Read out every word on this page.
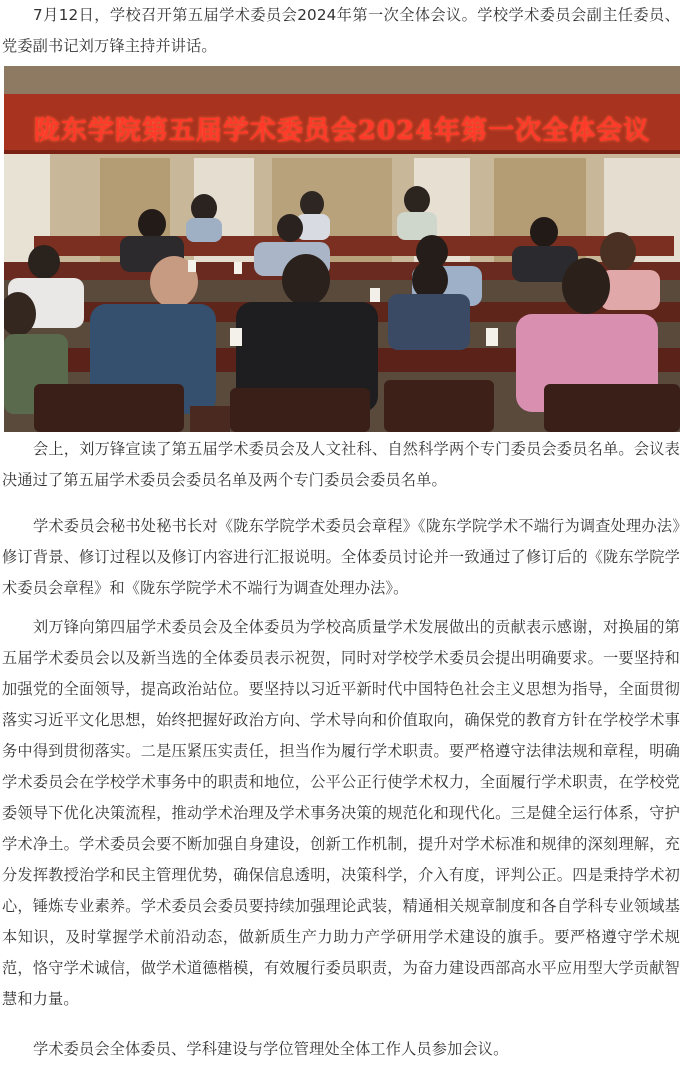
7月12日，学校召开第五届学术委员会2024年第一次全体会议。学校学术委员会副主任委员、党委副书记刘万锋主持并讲话。

陇东学院第五届学术委员会2024年第一次全体会议

会上，刘万锋宣读了第五届学术委员会及人文社科、自然科学两个专门委员会委员名单。会议表决通过了第五届学术委员会委员名单及两个专门委员会委员名单。

学术委员会秘书处秘书长对《陇东学院学术委员会章程》《陇东学院学术不端行为调查处理办法》修订背景、修订过程以及修订内容进行汇报说明。全体委员讨论并一致通过了修订后的《陇东学院学术委员会章程》和《陇东学院学术不端行为调查处理办法》。

刘万锋向第四届学术委员会及全体委员为学校高质量学术发展做出的贡献表示感谢，对换届的第五届学术委员会以及新当选的全体委员表示祝贺，同时对学校学术委员会提出明确要求。一要坚持和加强党的全面领导，提高政治站位。要坚持以习近平新时代中国特色社会主义思想为指导，全面贯彻落实习近平文化思想，始终把握好政治方向、学术导向和价值取向，确保党的教育方针在学校学术事务中得到贯彻落实。二是压紧压实责任，担当作为履行学术职责。要严格遵守法律法规和章程，明确学术委员会在学校学术事务中的职责和地位，公平公正行使学术权力，全面履行学术职责，在学校党委领导下优化决策流程，推动学术治理及学术事务决策的规范化和现代化。三是健全运行体系，守护学术净土。学术委员会要不断加强自身建设，创新工作机制，提升对学术标准和规律的深刻理解，充分发挥教授治学和民主管理优势，确保信息透明，决策科学，介入有度，评判公正。四是秉持学术初心，锤炼专业素养。学术委员会委员要持续加强理论武装，精通相关规章制度和各自学科专业领域基本知识，及时掌握学术前沿动态，做新质生产力助力产学研用学术建设的旗手。要严格遵守学术规范，恪守学术诚信，做学术道德楷模，有效履行委员职责，为奋力建设西部高水平应用型大学贡献智慧和力量。

学术委员会全体委员、学科建设与学位管理处全体工作人员参加会议。
